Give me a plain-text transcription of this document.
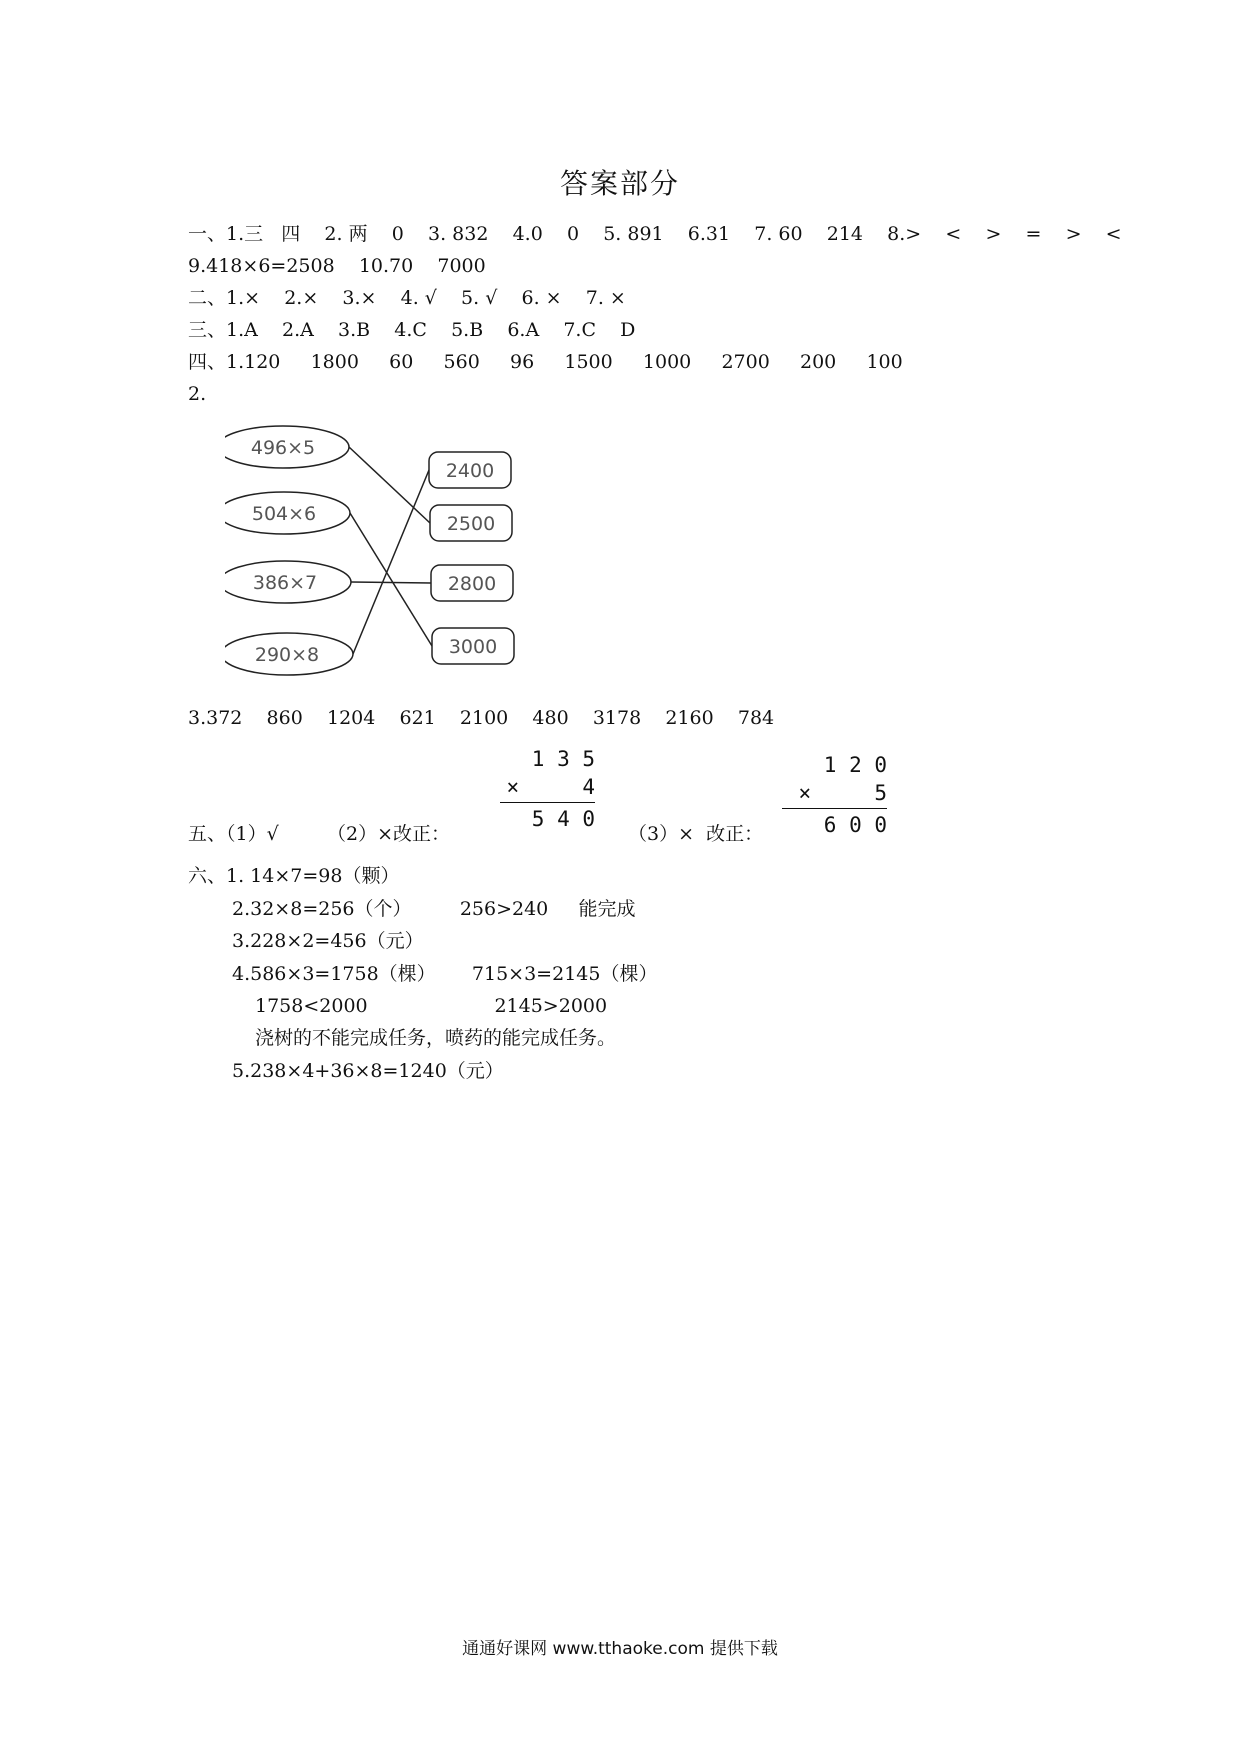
答案部分
一、1.三   四    2. 两    0    3. 832    4.0    0    5. 891    6.31    7. 60    214    8.>    <    >    =    >    <
9.418×6=2508    10.70    7000
二、1.×    2.×    3.×    4. √    5. √    6. ×    7. ×
三、1.A    2.A    3.B    4.C    5.B    6.A    7.C    D
四、1.120     1800     60     560     96     1500     1000     2700     200     100
2.
496×5
504×6
386×7
290×8
2400
2500
2800
3000
3.372    860    1204    621    2100    480    3178    2160    784
1 3 5
×     4
5 4 0
1 2 0
×     5
6 0 0
五、（1）√        （2）×改正：	（3）×  改正：
六、1. 14×7=98（颗）
2.32×8=256（个）        256>240     能完成
3.228×2=456（元）
4.586×3=1758（棵）      715×3=2145（棵）
1758<2000                     2145>2000
浇树的不能完成任务，喷药的能完成任务。
5.238×4+36×8=1240（元）
通通好课网 www.tthaoke.com 提供下载
